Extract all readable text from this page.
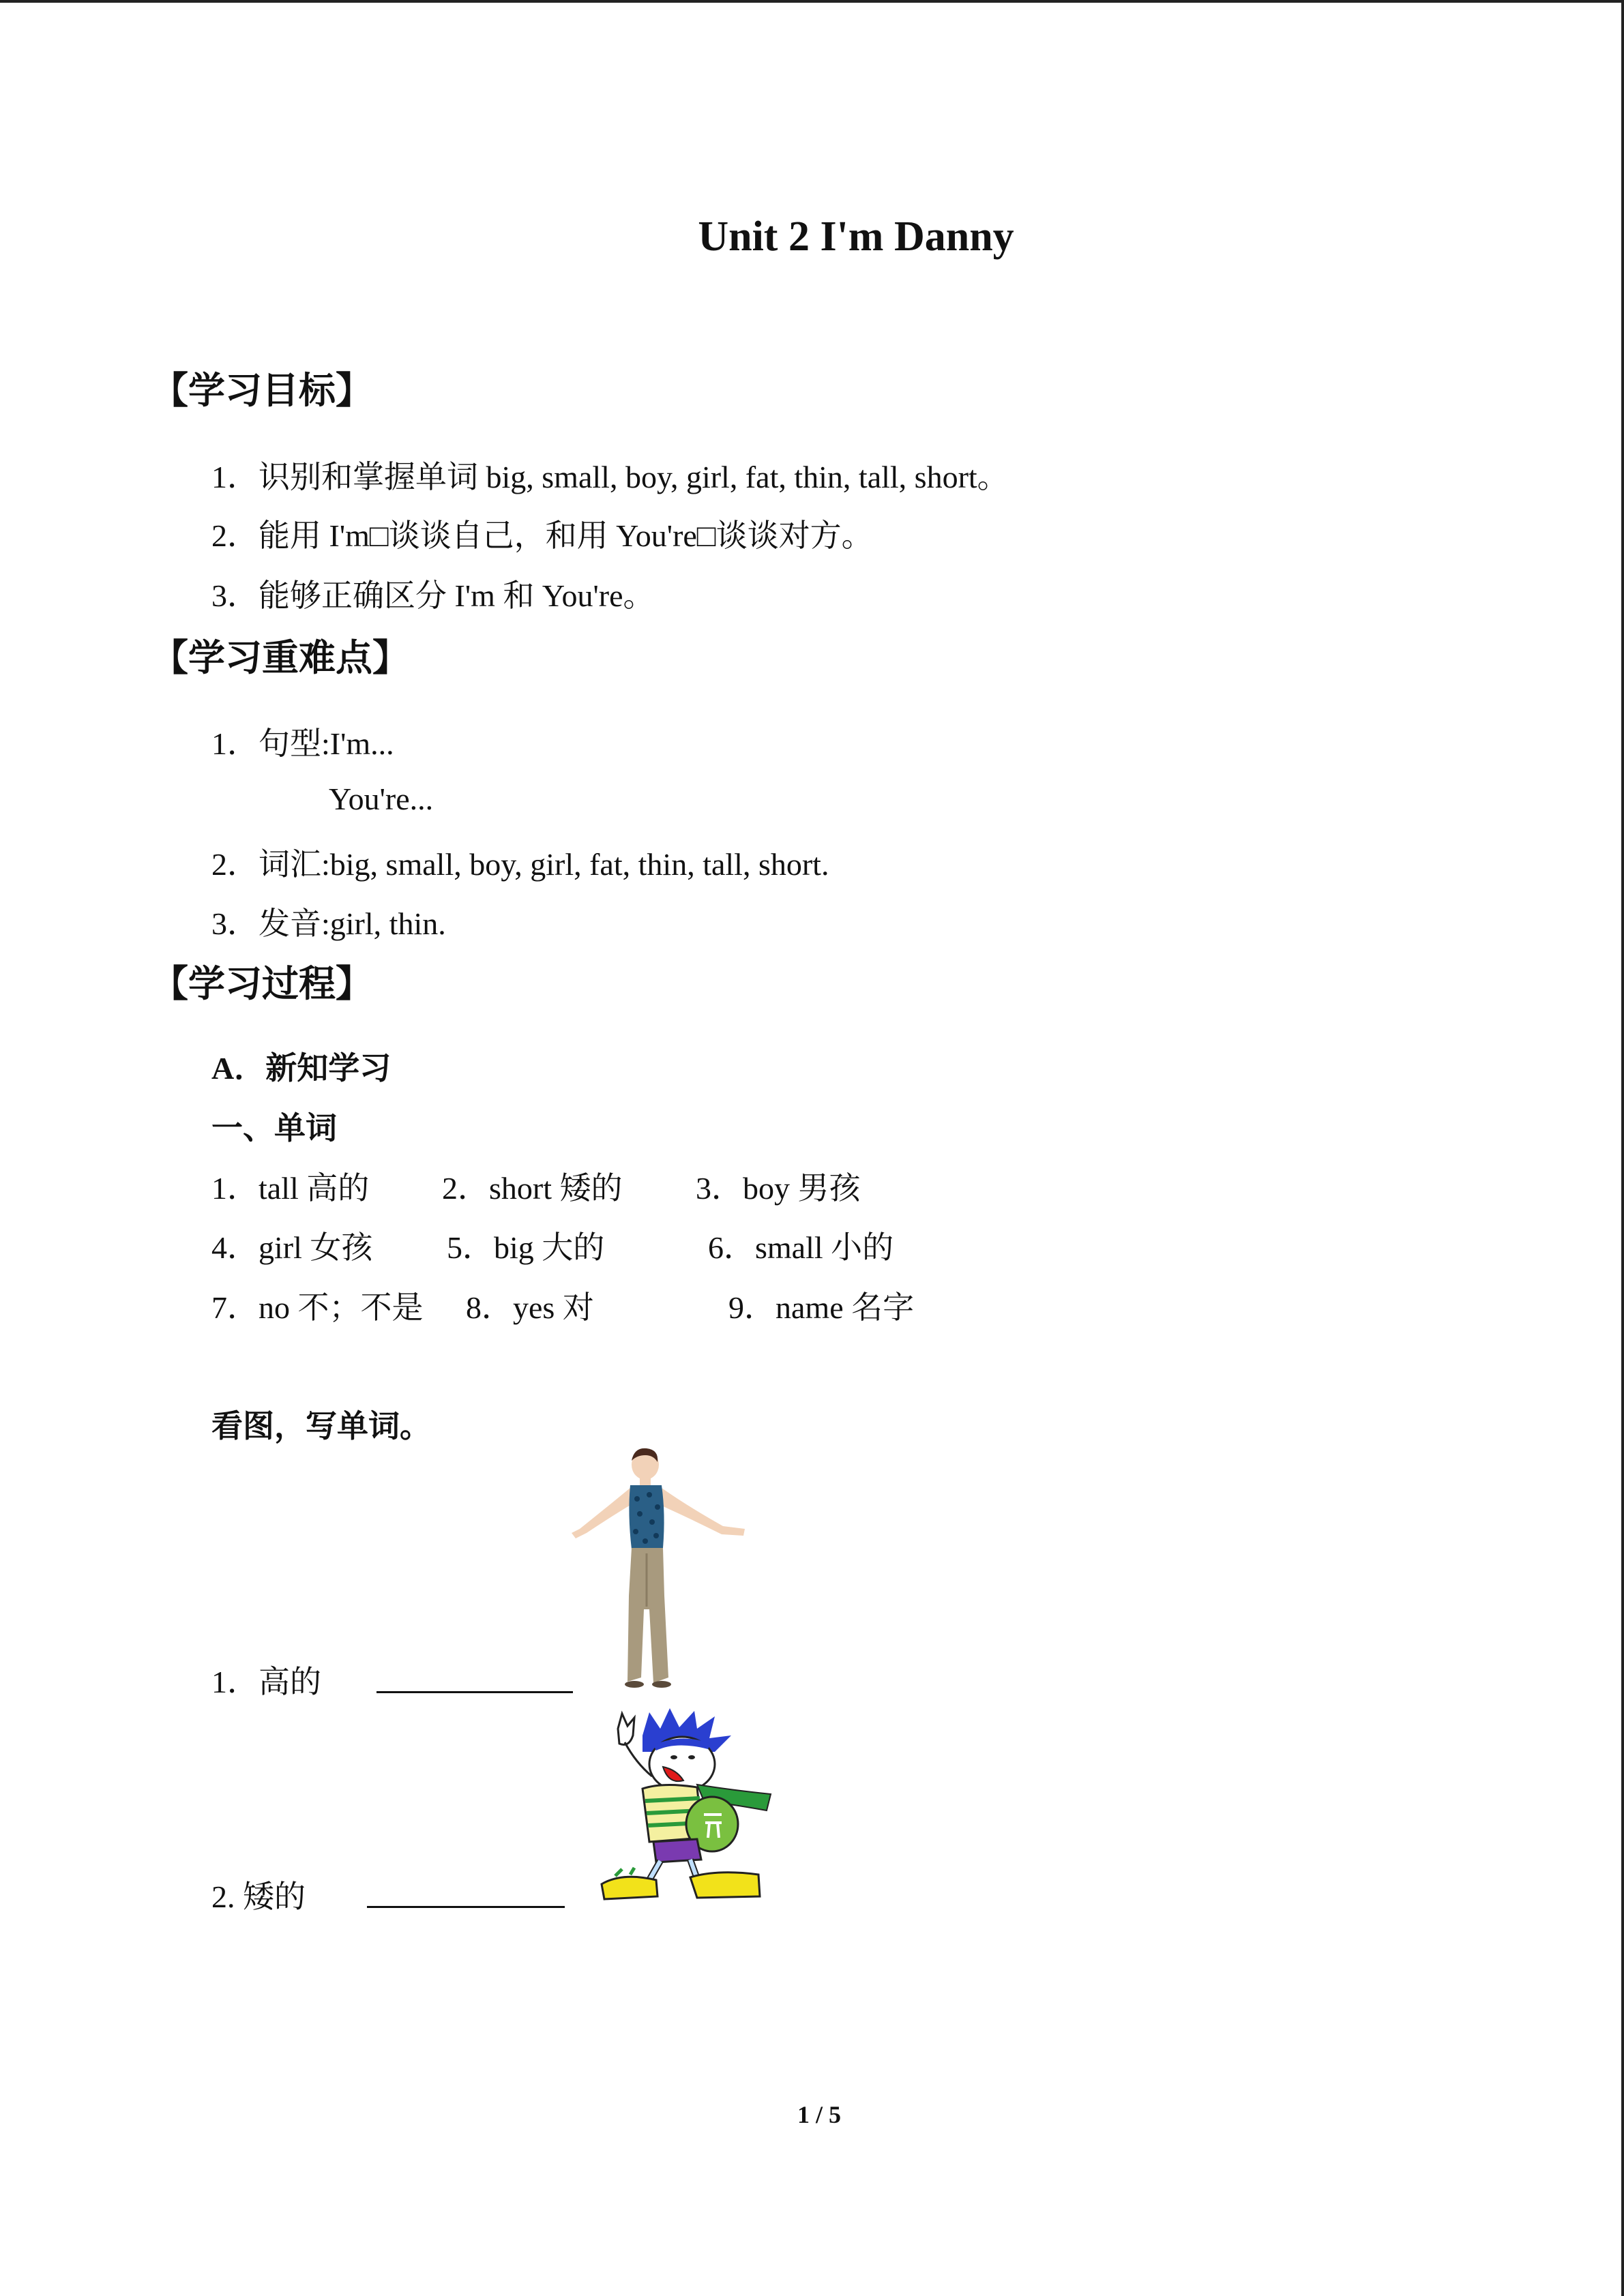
Unit 2 I'm Danny
【学习目标】
1．识别和掌握单词 big, small, boy, girl, fat, thin, tall, short。
2．能用 I'm□谈谈自己，和用 You're□谈谈对方。
3．能够正确区分 I'm 和 You're。
【学习重难点】
1．句型:I'm...
You're...
2．词汇:big, small, boy, girl, fat, thin, tall, short.
3．发音:girl, thin.
【学习过程】
A．新知学习
一、单词
1．tall 高的 2．short 矮的 3．boy 男孩
4．girl 女孩 5．big 大的	6．small 小的
7．no 不；不是 8．yes 对	9．name 名字
看图，写单词。
1．高的
2. 矮的
1 / 5
